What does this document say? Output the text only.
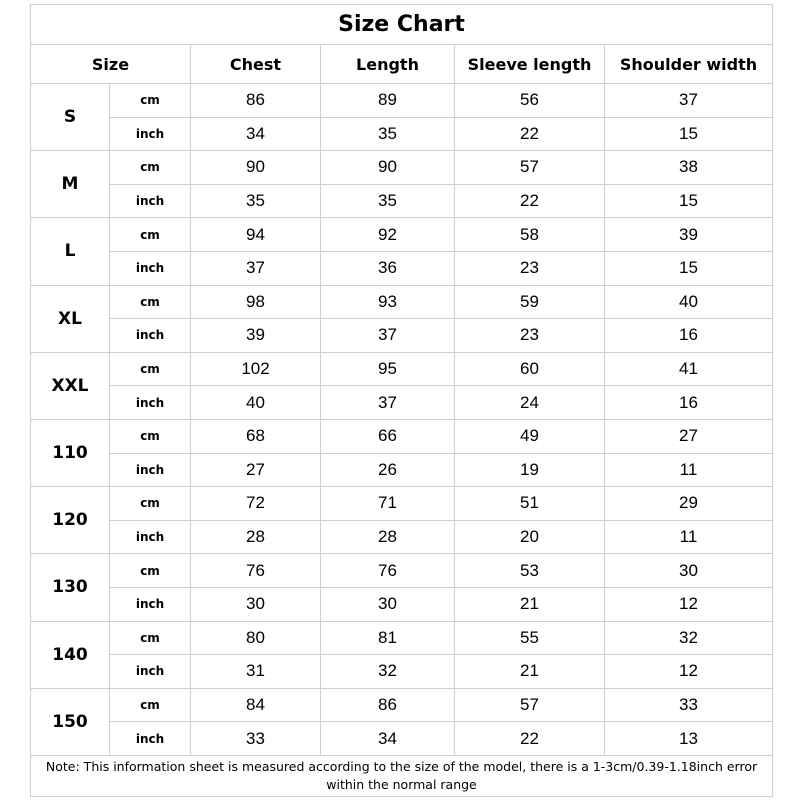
Size Chart					
Size		Chest	Length	Sleeve length	Shoulder width
S	cm	86	89	56	37
	inch	34	35	22	15
M	cm	90	90	57	38
	inch	35	35	22	15
L	cm	94	92	58	39
	inch	37	36	23	15
XL	cm	98	93	59	40
	inch	39	37	23	16
XXL	cm	102	95	60	41
	inch	40	37	24	16
110	cm	68	66	49	27
	inch	27	26	19	11
120	cm	72	71	51	29
	inch	28	28	20	11
130	cm	76	76	53	30
	inch	30	30	21	12
140	cm	80	81	55	32
	inch	31	32	21	12
150	cm	84	86	57	33
	inch	33	34	22	13
Note: This information sheet is measured according to the size of the model, there is a 1-3cm/0.39-1.18inch error within the normal range					
